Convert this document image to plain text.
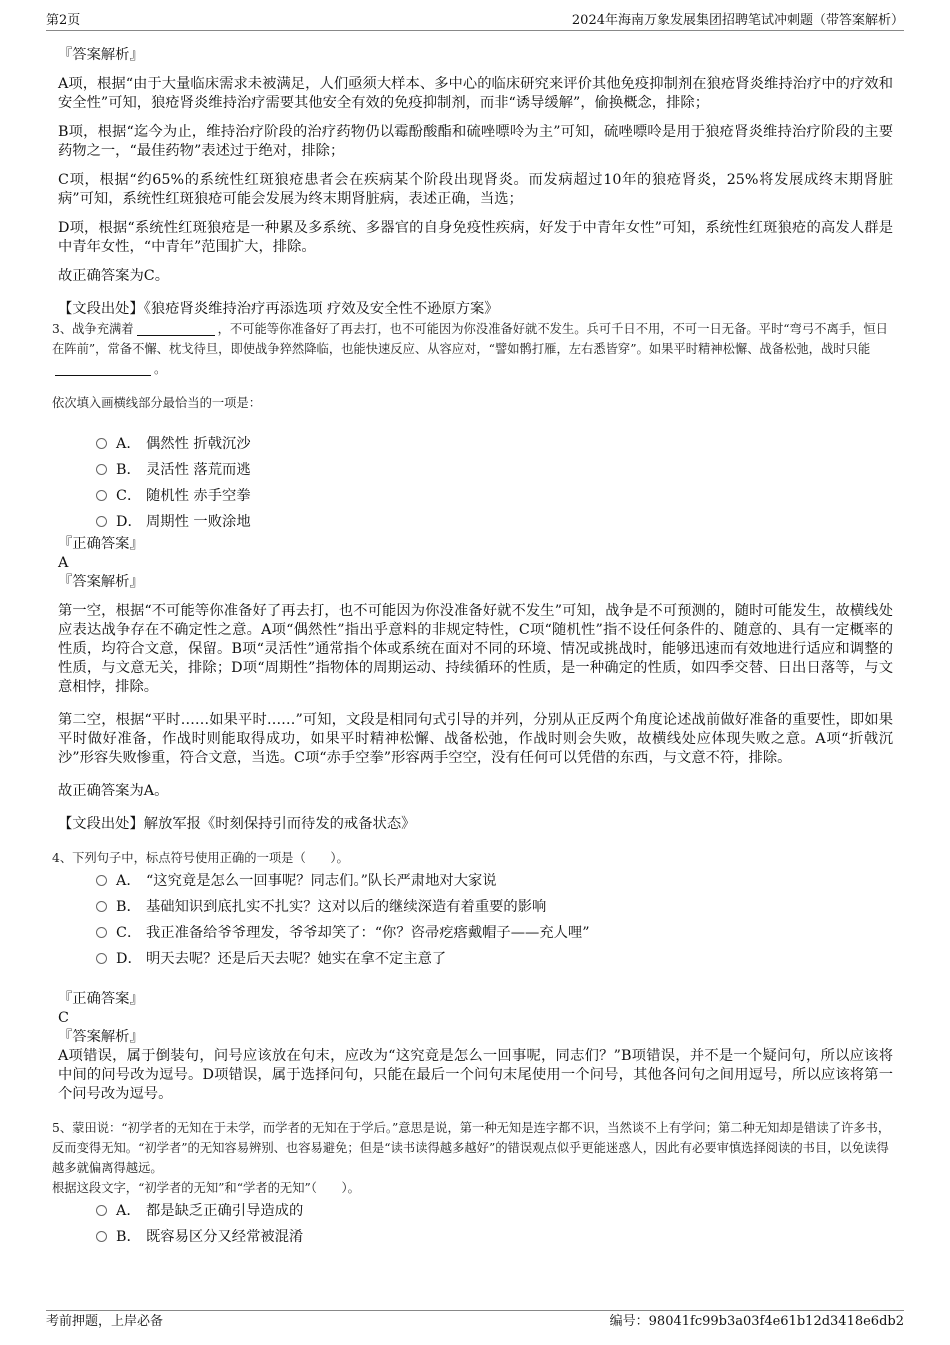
第2页	2024年海南万象发展集团招聘笔试冲刺题（带答案解析）

『答案解析』

A项，根据“由于大量临床需求未被满足，人们亟须大样本、多中心的临床研究来评价其他免疫抑制剂在狼疮肾炎维持治疗中的疗效和安全性”可知，狼疮肾炎维持治疗需要其他安全有效的免疫抑制剂，而非“诱导缓解”，偷换概念，排除；

B项，根据“迄今为止，维持治疗阶段的治疗药物仍以霉酚酸酯和硫唑嘌呤为主”可知，硫唑嘌呤是用于狼疮肾炎维持治疗阶段的主要药物之一，“最佳药物”表述过于绝对，排除；

C项，根据“约65%的系统性红斑狼疮患者会在疾病某个阶段出现肾炎。而发病超过10年的狼疮肾炎，25%将发展成终末期肾脏病”可知，系统性红斑狼疮可能会发展为终末期肾脏病，表述正确，当选；

D项，根据“系统性红斑狼疮是一种累及多系统、多器官的自身免疫性疾病，好发于中青年女性”可知，系统性红斑狼疮的高发人群是中青年女性，“中青年”范围扩大，排除。

故正确答案为C。

【文段出处】《狼疮肾炎维持治疗再添选项 疗效及安全性不逊原方案》

3、战争充满着	，不可能等你准备好了再去打，也不可能因为你没准备好就不发生。兵可千日不用，不可一日无备。平时“弯弓不离手，恒日在阵前”，常备不懈、枕戈待旦，即使战争猝然降临，也能快速反应、从容应对，“譬如鹘打雁，左右悉皆穿”。如果平时精神松懈、战备松弛，战时只能。

依次填入画横线部分最恰当的一项是：

A． 偶然性 折戟沉沙
B． 灵活性 落荒而逃
C． 随机性 赤手空拳
D． 周期性 一败涂地

『正确答案』

A

『答案解析』

第一空，根据“不可能等你准备好了再去打，也不可能因为你没准备好就不发生”可知，战争是不可预测的，随时可能发生，故横线处应表达战争存在不确定性之意。A项“偶然性”指出乎意料的非规定特性，C项“随机性”指不设任何条件的、随意的、具有一定概率的性质，均符合文意，保留。B项“灵活性”通常指个体或系统在面对不同的环境、情况或挑战时，能够迅速而有效地进行适应和调整的性质，与文意无关，排除；D项“周期性”指物体的周期运动、持续循环的性质，是一种确定的性质，如四季交替、日出日落等，与文意相悖，排除。

第二空，根据“平时……如果平时……”可知，文段是相同句式引导的并列，分别从正反两个角度论述战前做好准备的重要性，即如果平时做好准备，作战时则能取得成功，如果平时精神松懈、战备松弛，作战时则会失败，故横线处应体现失败之意。A项“折戟沉沙”形容失败惨重，符合文意，当选。C项“赤手空拳”形容两手空空，没有任何可以凭借的东西，与文意不符，排除。

故正确答案为A。

【文段出处】解放军报《时刻保持引而待发的戒备状态》

4、下列句子中，标点符号使用正确的一项是（　　）。

A． “这究竟是怎么一回事呢？同志们。”队长严肃地对大家说
B． 基础知识到底扎实不扎实？这对以后的继续深造有着重要的影响
C． 我正准备给爷爷理发，爷爷却笑了：“你？咨帚疙瘩戴帽子——充人哩”
D． 明天去呢？还是后天去呢？她实在拿不定主意了

『正确答案』

C

『答案解析』

A项错误，属于倒装句，问号应该放在句末，应改为“这究竟是怎么一回事呢，同志们？”B项错误，并不是一个疑问句，所以应该将中间的问号改为逗号。D项错误，属于选择问句，只能在最后一个问句末尾使用一个问号，其他各问句之间用逗号，所以应该将第一个问号改为逗号。

5、蒙田说：“初学者的无知在于未学，而学者的无知在于学后。”意思是说，第一种无知是连字都不识，当然谈不上有学问；第二种无知却是错读了许多书，反而变得无知。“初学者”的无知容易辨别、也容易避免；但是“读书读得越多越好”的错误观点似乎更能迷惑人，因此有必要审慎选择阅读的书目，以免读得越多就偏离得越远。

根据这段文字，“初学者的无知”和“学者的无知”（　　）。

A． 都是缺乏正确引导造成的
B． 既容易区分又经常被混淆
考前押题，上岸必备	编号：98041fc99b3a03f4e61b12d3418e6db2
